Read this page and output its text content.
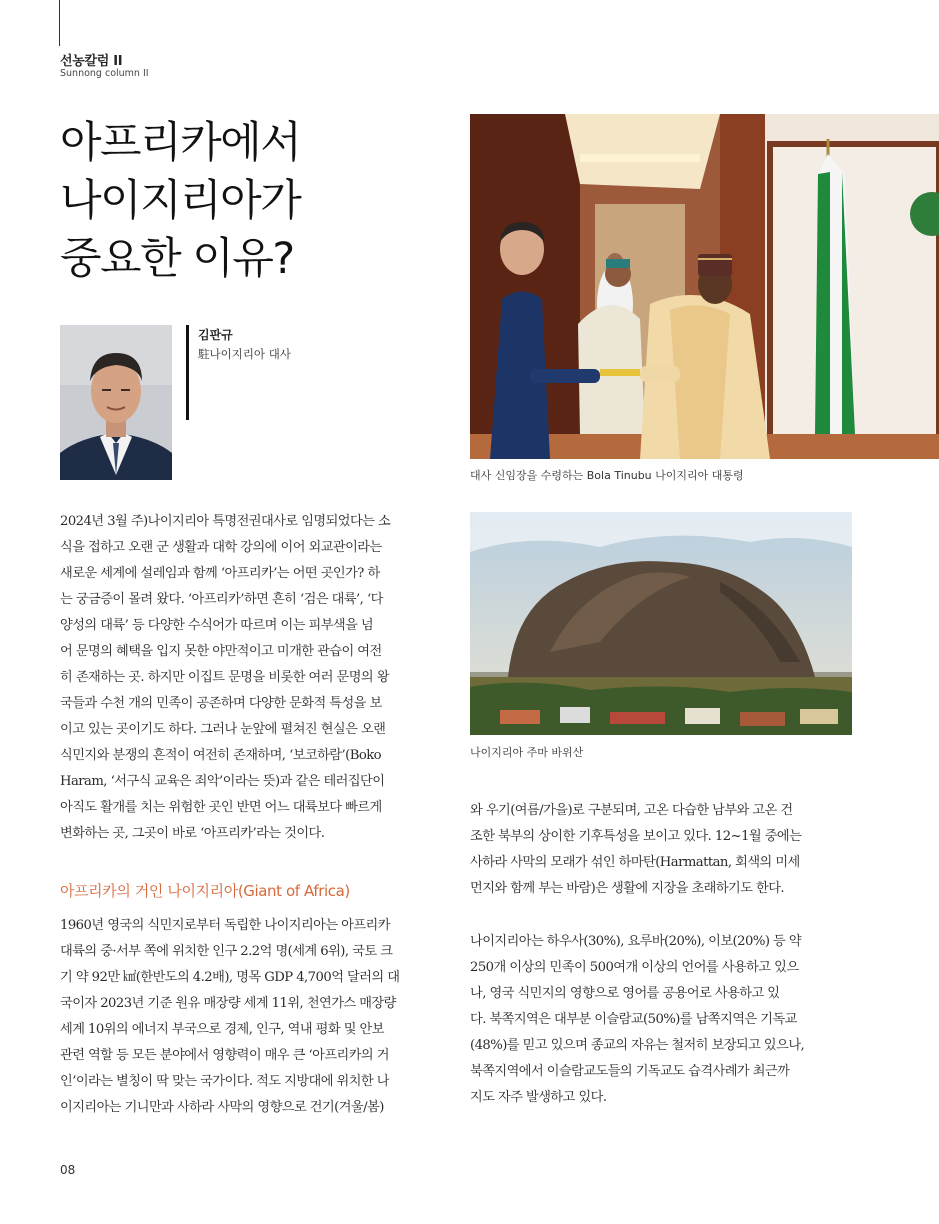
선농칼럼 II
Sunnong column II
아프리카에서
나이지리아가
중요한 이유?
김판규
駐나이지리아 대사
대사 신임장을 수령하는 Bola Tinubu 나이지리아 대통령
나이지리아 주마 바위산
2024년 3월 주)나이지리아 특명전권대사로 임명되었다는 소
식을 접하고 오랜 군 생활과 대학 강의에 이어 외교관이라는
새로운 세계에 설레임과 함께 ‘아프리카’는 어떤 곳인가? 하
는 궁금증이 몰려 왔다. ‘아프리카’하면 흔히 ‘검은 대륙’, ‘다
양성의 대륙’ 등 다양한 수식어가 따르며 이는 피부색을 넘
어 문명의 혜택을 입지 못한 야만적이고 미개한 관습이 여전
히 존재하는 곳. 하지만 이집트 문명을 비롯한 여러 문명의 왕
국들과 수천 개의 민족이 공존하며 다양한 문화적 특성을 보
이고 있는 곳이기도 하다. 그러나 눈앞에 펼쳐진 현실은 오랜
식민지와 분쟁의 흔적이 여전히 존재하며, ‘보코하람’(Boko
Haram, ‘서구식 교육은 죄악’이라는 뜻)과 같은 테러집단이
아직도 활개를 치는 위험한 곳인 반면 어느 대륙보다 빠르게
변화하는 곳, 그곳이 바로 ‘아프리카’라는 것이다.
아프리카의 거인 나이지리아(Giant of Africa)
1960년 영국의 식민지로부터 독립한 나이지리아는 아프리카
대륙의 중·서부 쪽에 위치한 인구 2.2억 명(세계 6위), 국토 크
기 약 92만 ㎢(한반도의 4.2배), 명목 GDP 4,700억 달러의 대
국이자 2023년 기준 원유 매장량 세계 11위, 천연가스 매장량
세계 10위의 에너지 부국으로 경제, 인구, 역내 평화 및 안보
관련 역할 등 모든 분야에서 영향력이 매우 큰 ‘아프리카의 거
인’이라는 별칭이 딱 맞는 국가이다. 적도 지방대에 위치한 나
이지리아는 기니만과 사하라 사막의 영향으로 건기(겨울/봄)
와 우기(여름/가을)로 구분되며, 고온 다습한 남부와 고온 건
조한 북부의 상이한 기후특성을 보이고 있다. 12~1월 중에는
사하라 사막의 모래가 섞인 하마탄(Harmattan, 회색의 미세
먼지와 함께 부는 바람)은 생활에 지장을 초래하기도 한다.
나이지리아는 하우사(30%), 요루바(20%), 이보(20%) 등 약
250개 이상의 민족이 500여개 이상의 언어를 사용하고 있으
나, 영국 식민지의 영향으로 영어를 공용어로 사용하고 있
다. 북쪽지역은 대부분 이슬람교(50%)를 남쪽지역은 기독교
(48%)를 믿고 있으며 종교의 자유는 철저히 보장되고 있으나,
북쪽지역에서 이슬람교도들의 기독교도 습격사례가 최근까
지도 자주 발생하고 있다.
08
